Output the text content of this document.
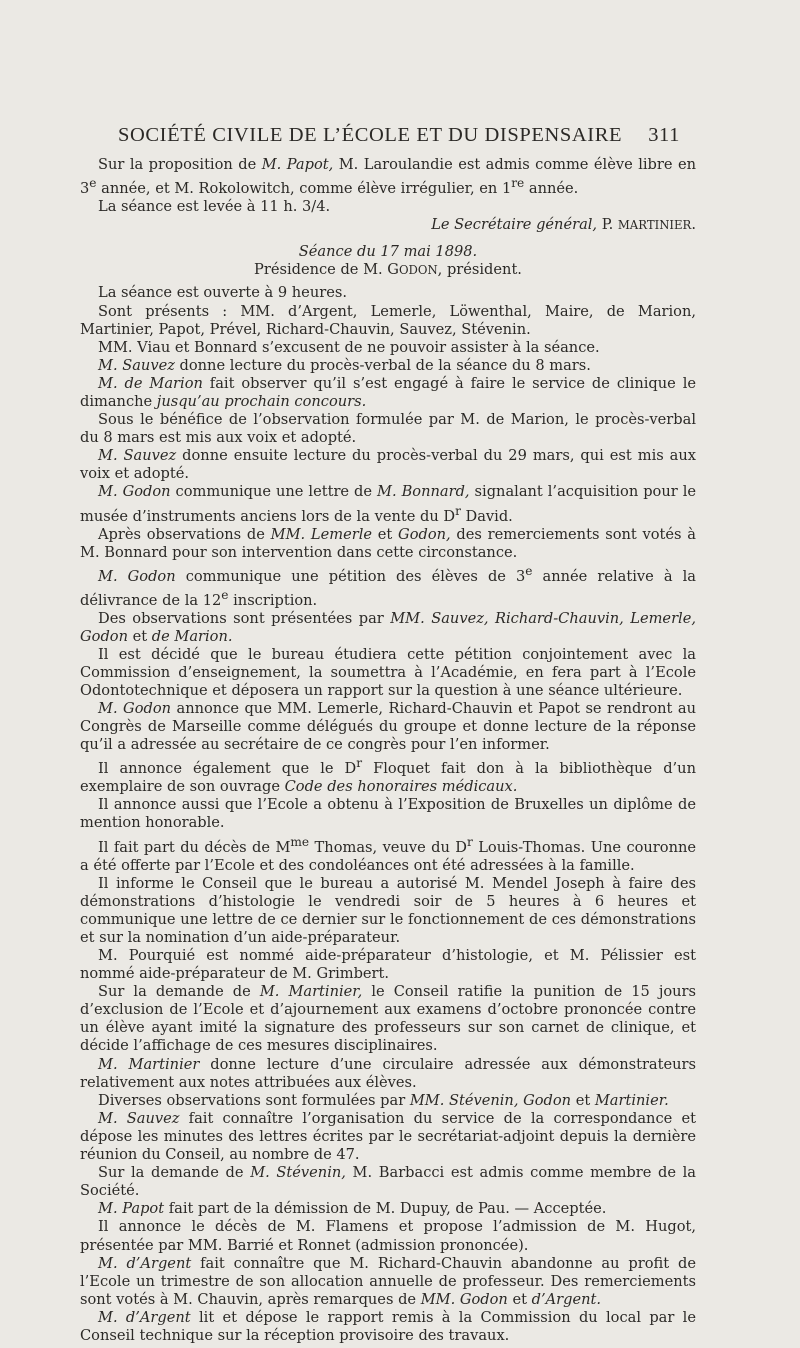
SOCIÉTÉ CIVILE DE L’ÉCOLE ET DU DISPENSAIRE 311

Sur la proposition de M. Papot, M. Laroulandie est admis comme élève libre en 3e année, et M. Rokolowitch, comme élève irrégulier, en 1re année.

La séance est levée à 11 h. 3/4.

Le Secrétaire général, P. MARTINIER.

Séance du 17 mai 1898.

Présidence de M. GODON, président.

La séance est ouverte à 9 heures.

Sont présents : MM. d’Argent, Lemerle, Löwenthal, Maire, de Marion, Martinier, Papot, Prével, Richard-Chauvin, Sauvez, Stévenin.

MM. Viau et Bonnard s’excusent de ne pouvoir assister à la séance.

M. Sauvez donne lecture du procès-verbal de la séance du 8 mars.

M. de Marion fait observer qu’il s’est engagé à faire le service de clinique le dimanche jusqu’au prochain concours.

Sous le bénéfice de l’observation formulée par M. de Marion, le procès-verbal du 8 mars est mis aux voix et adopté.

M. Sauvez donne ensuite lecture du procès-verbal du 29 mars, qui est mis aux voix et adopté.

M. Godon communique une lettre de M. Bonnard, signalant l’acquisition pour le musée d’instruments anciens lors de la vente du $D^r$ David.

Après observations de MM. Lemerle et Godon, des remerciements sont votés à M. Bonnard pour son intervention dans cette circonstance.

M. Godon communique une pétition des élèves de 3e année relative à la délivrance de la 12e inscription.

Des observations sont présentées par MM. Sauvez, Richard-Chauvin, Lemerle, Godon et de Marion.

Il est décidé que le bureau étudiera cette pétition conjointement avec la Commission d’enseignement, la soumettra à l’Académie, en fera part à l’Ecole Odontotechnique et déposera un rapport sur la question à une séance ultérieure.

M. Godon annonce que MM. Lemerle, Richard-Chauvin et Papot se rendront au Congrès de Marseille comme délégués du groupe et donne lecture de la réponse qu’il a adressée au secrétaire de ce congrès pour l’en informer.

Il annonce également que le $D^r$ Floquet fait don à la bibliothèque d’un exemplaire de son ouvrage Code des honoraires médicaux.

Il annonce aussi que l’Ecole a obtenu à l’Exposition de Bruxelles un diplôme de mention honorable.

Il fait part du décès de $M^{me}$ Thomas, veuve du $D^r$ Louis-Thomas. Une couronne a été offerte par l’Ecole et des condoléances ont été adressées à la famille.

Il informe le Conseil que le bureau a autorisé M. Mendel Joseph à faire des démonstrations d’histologie le vendredi soir de 5 heures à 6 heures et communique une lettre de ce dernier sur le fonctionnement de ces démonstrations et sur la nomination d’un aide-préparateur.

M. Pourquié est nommé aide-préparateur d’histologie, et M. Pélissier est nommé aide-préparateur de M. Grimbert.

Sur la demande de M. Martinier, le Conseil ratifie la punition de 15 jours d’exclusion de l’Ecole et d’ajournement aux examens d’octobre prononcée contre un élève ayant imité la signature des professeurs sur son carnet de clinique, et décide l’affichage de ces mesures disciplinaires.

M. Martinier donne lecture d’une circulaire adressée aux démonstrateurs relativement aux notes attribuées aux élèves.

Diverses observations sont formulées par MM. Stévenin, Godon et Martinier.

M. Sauvez fait connaître l’organisation du service de la correspondance et dépose les minutes des lettres écrites par le secrétariat-adjoint depuis la dernière réunion du Conseil, au nombre de 47.

Sur la demande de M. Stévenin, M. Barbacci est admis comme membre de la Société.

M. Papot fait part de la démission de M. Dupuy, de Pau. — Acceptée.

Il annonce le décès de M. Flamens et propose l’admission de M. Hugot, présentée par MM. Barrié et Ronnet (admission prononcée).

M. d’Argent fait connaître que M. Richard-Chauvin abandonne au profit de l’Ecole un trimestre de son allocation annuelle de professeur. Des remerciements sont votés à M. Chauvin, après remarques de MM. Godon et d’Argent.

M. d’Argent lit et dépose le rapport remis à la Commission du local par le Conseil technique sur la réception provisoire des travaux.
